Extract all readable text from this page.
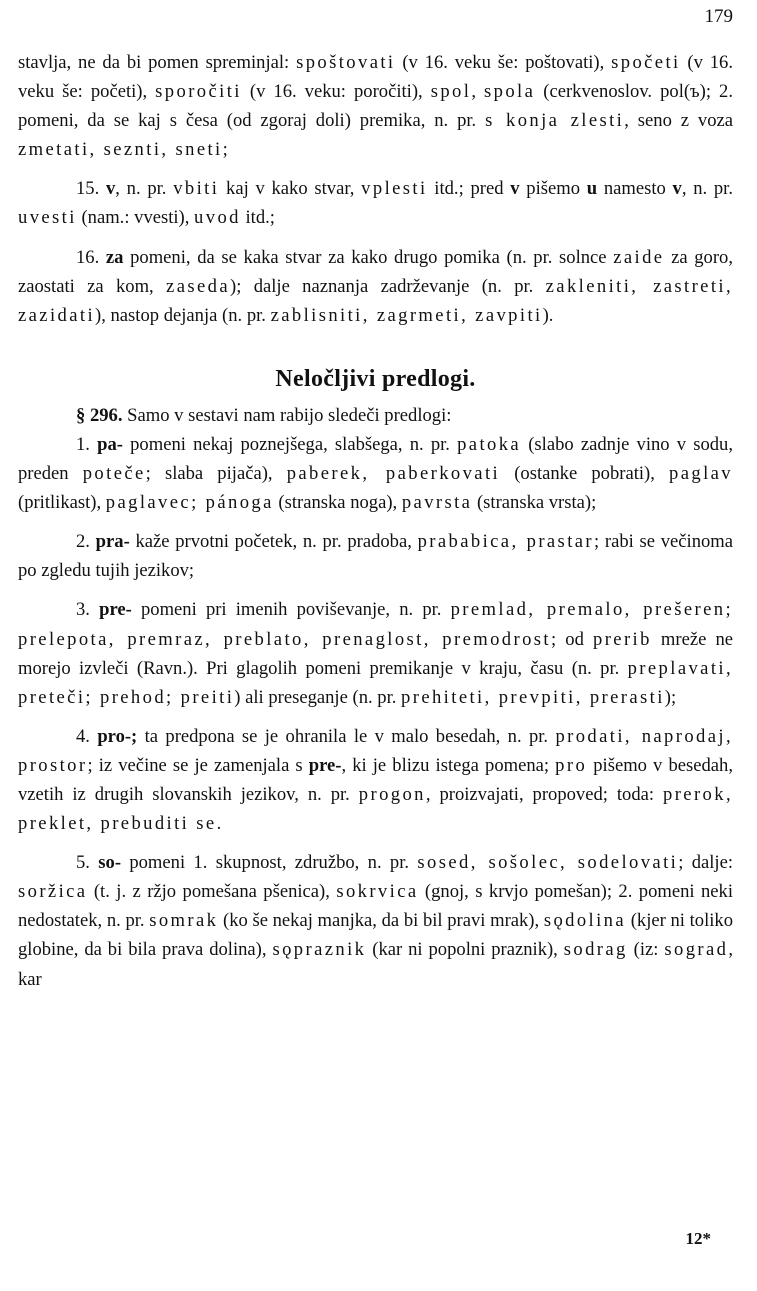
179

stavlja, ne da bi pomen spreminjal: spoštovati (v 16. veku še: poštovati), spočeti (v 16. veku še: početi), sporočiti (v 16. veku: poročiti), spol, spola (cerkvenoslov. pol(ъ); 2. pomeni, da se kaj s česa (od zgoraj doli) premika, n. pr. s konja zlesti, seno z voza zmetati, seznti, sneti;

15. v, n. pr. vbiti kaj v kako stvar, vplesti itd.; pred v pišemo u namesto v, n. pr. uvesti (nam.: vvesti), uvod itd.;

16. za pomeni, da se kaka stvar za kako drugo pomika (n. pr. solnce zaide za goro, zaostati za kom, zaseda); dalje naznanja zadrževanje (n. pr. zakleniti, zastreti, zazidati), nastop dejanja (n. pr. zablisniti, zagrmeti, zavpiti).

Neločljivi predlogi.

§ 296. Samo v sestavi nam rabijo sledeči predlogi:

1. pa- pomeni nekaj poznejšega, slabšega, n. pr. patoka (slabo zadnje vino v sodu, preden poteče; slaba pijača), paberek, paberkovati (ostanke pobrati), paglav (pritlikast), paglavec; pánoga (stranska noga), pavrsta (stranska vrsta);

2. pra- kaže prvotni početek, n. pr. pradoba, prababica, prastar; rabi se večinoma po zgledu tujih jezikov;

3. pre- pomeni pri imenih poviševanje, n. pr. premlad, premalo, prešeren; prelepota, premraz, preblato, prenaglost, premodrost; od prerib mreže ne morejo izvleči (Ravn.). Pri glagolih pomeni premikanje v kraju, času (n. pr. preplavati, preteči; prehod; preiti) ali preseganje (n. pr. prehiteti, prevpiti, prerasti);

4. pro-; ta predpona se je ohranila le v malo besedah, n. pr. prodati, naprodaj, prostor; iz večine se je zamenjala s pre-, ki je blizu istega pomena; pro pišemo v besedah, vzetih iz drugih slovanskih jezikov, n. pr. progon, proizvajati, propoved; toda: prerok, preklet, prebuditi se.

5. so- pomeni 1. skupnost, združbo, n. pr. sosed, sošolec, sodelovati; dalje: soržica (t. j. z ržjo pomešana pšenica), sokrvica (gnoj, s krvjo pomešan); 2. pomeni neki nedostatek, n. pr. somrak (ko še nekaj manjka, da bi bil pravi mrak), sǫdolina (kjer ni toliko globine, da bi bila prava dolina), sǫpraznik (kar ni popolni praznik), sodrag (iz: sograd, kar

12*
